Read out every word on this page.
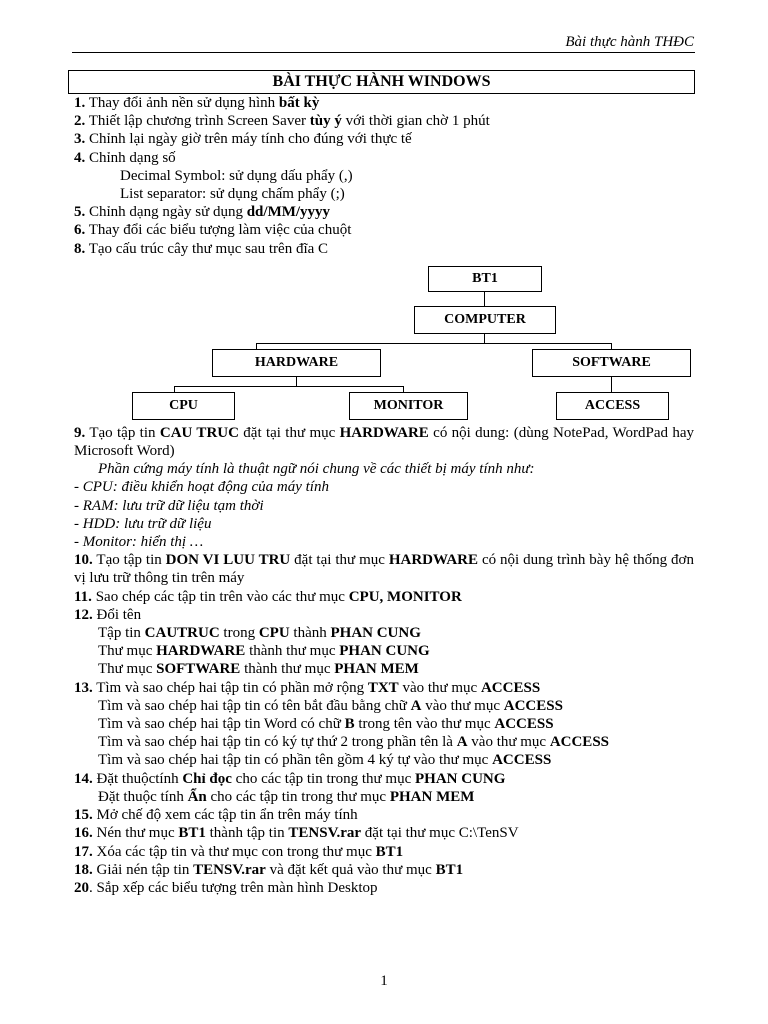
Bài thực hành THĐC
BÀI THỰC HÀNH WINDOWS
1. Thay đổi ảnh nền sử dụng hình bất kỳ
2. Thiết lập chương trình Screen Saver tùy ý với thời gian chờ 1 phút
3. Chỉnh lại ngày giờ trên máy tính cho đúng với thực tế
4. Chỉnh dạng số
Decimal Symbol: sử dụng dấu phẩy (,)
List separator: sử dụng chấm phẩy (;)
5. Chỉnh dạng ngày sử dụng dd/MM/yyyy
6. Thay đổi các biểu tượng làm việc của chuột
8. Tạo cấu trúc cây thư mục sau trên đĩa C
BT1
COMPUTER
HARDWARE	SOFTWARE
CPU	MONITOR	ACCESS
9. Tạo tập tin CAU TRUC đặt tại thư mục HARDWARE có nội dung: (dùng NotePad, WordPad hay Microsoft Word)
Phần cứng máy tính là thuật ngữ nói chung về các thiết bị máy tính như:
- CPU: điều khiển hoạt động của máy tính
- RAM: lưu trữ dữ liệu tạm thời
- HDD: lưu trữ dữ liệu
- Monitor: hiển thị …
10. Tạo tập tin DON VI LUU TRU đặt tại thư mục HARDWARE có nội dung trình bày hệ thống đơn vị lưu trữ thông tin trên máy
11. Sao chép các tập tin trên vào các thư mục CPU, MONITOR
12. Đổi tên
Tập tin CAUTRUC trong CPU thành PHAN CUNG
Thư mục HARDWARE thành thư mục PHAN CUNG
Thư mục SOFTWARE thành thư mục PHAN MEM
13. Tìm và sao chép hai tập tin có phần mở rộng TXT vào thư mục ACCESS
Tìm và sao chép hai tập tin có tên bắt đầu bằng chữ A vào thư mục ACCESS
Tìm và sao chép hai tập tin Word có chữ B trong tên vào thư mục ACCESS
Tìm và sao chép hai tập tin có ký tự thứ 2 trong phần tên là A vào thư mục ACCESS
Tìm và sao chép hai tập tin có phần tên gồm 4 ký tự vào thư mục ACCESS
14. Đặt thuộctính Chỉ đọc cho các tập tin trong thư mục PHAN CUNG
Đặt thuộc tính Ẩn cho các tập tin trong thư mục PHAN MEM
15. Mở chế độ xem các tập tin ẩn trên máy tính
16. Nén thư mục BT1 thành tập tin TENSV.rar đặt tại thư mục C:\TenSV
17. Xóa các tập tin và thư mục con trong thư mục BT1
18. Giải nén tập tin TENSV.rar và đặt kết quả vào thư mục BT1
20. Sắp xếp các biểu tượng trên màn hình Desktop
1
